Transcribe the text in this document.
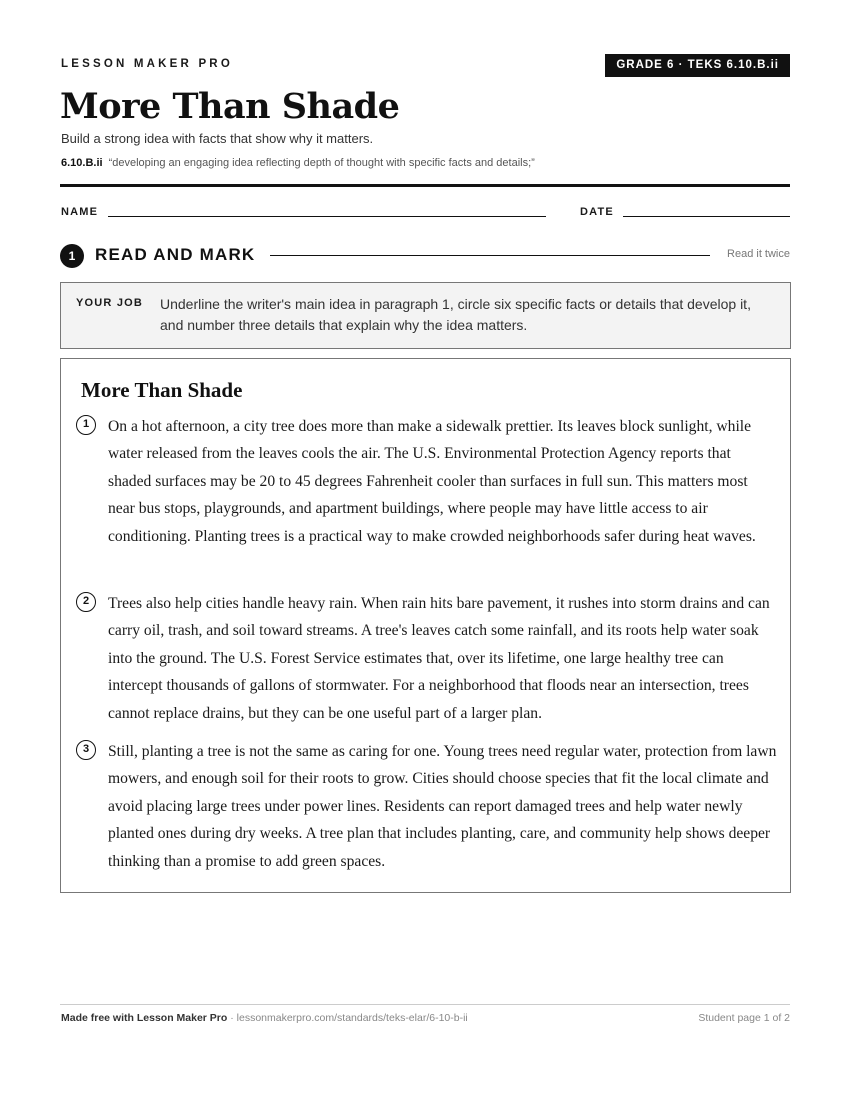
LESSON MAKER PRO	GRADE 6 · TEKS 6.10.B.ii
More Than Shade
Build a strong idea with facts that show why it matters.
6.10.B.ii “developing an engaging idea reflecting depth of thought with specific facts and details;”
NAME	DATE
1	READ AND MARK	Read it twice
YOUR JOB Underline the writer's main idea in paragraph 1, circle six specific facts or details that develop it, and number three details that explain why the idea matters.
More Than Shade
1	On a hot afternoon, a city tree does more than make a sidewalk prettier. Its leaves block sunlight, while water released from the leaves cools the air. The U.S. Environmental Protection Agency reports that shaded surfaces may be 20 to 45 degrees Fahrenheit cooler than surfaces in full sun. This matters most near bus stops, playgrounds, and apartment buildings, where people may have little access to air conditioning. Planting trees is a practical way to make crowded neighborhoods safer during heat waves.

2	Trees also help cities handle heavy rain. When rain hits bare pavement, it rushes into storm drains and can carry oil, trash, and soil toward streams. A tree's leaves catch some rainfall, and its roots help water soak into the ground. The U.S. Forest Service estimates that, over its lifetime, one large healthy tree can intercept thousands of gallons of stormwater. For a neighborhood that floods near an intersection, trees cannot replace drains, but they can be one useful part of a larger plan.

3	Still, planting a tree is not the same as caring for one. Young trees need regular water, protection from lawn mowers, and enough soil for their roots to grow. Cities should choose species that fit the local climate and avoid placing large trees under power lines. Residents can report damaged trees and help water newly planted ones during dry weeks. A tree plan that includes planting, care, and community help shows deeper thinking than a promise to add green spaces.

Made free with Lesson Maker Pro · lessonmakerpro.com/standards/teks-elar/6-10-b-ii	Student page 1 of 2
